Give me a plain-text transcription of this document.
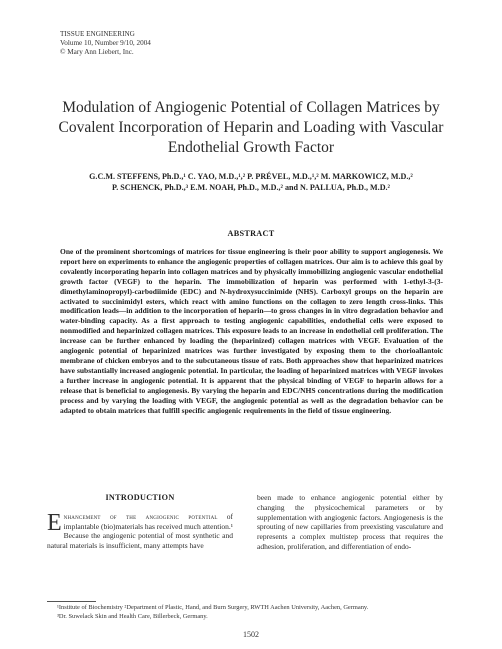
TISSUE ENGINEERING
Volume 10, Number 9/10, 2004
© Mary Ann Liebert, Inc.
Modulation of Angiogenic Potential of Collagen Matrices by
Covalent Incorporation of Heparin and Loading with Vascular
Endothelial Growth Factor
G.C.M. STEFFENS, Ph.D.,¹ C. YAO, M.D.,¹,² P. PRÉVEL, M.D.,¹,² M. MARKOWICZ, M.D.,²
P. SCHENCK, Ph.D.,³ E.M. NOAH, Ph.D., M.D.,² and N. PALLUA, Ph.D., M.D.²
ABSTRACT
One of the prominent shortcomings of matrices for tissue engineering is their poor ability to support angiogenesis. We report here on experiments to enhance the angiogenic properties of collagen matrices. Our aim is to achieve this goal by covalently incorporating heparin into collagen matrices and by physically immobilizing angiogenic vascular endothelial growth factor (VEGF) to the heparin. The immobilization of heparin was performed with 1-ethyl-3-(3-dimethylaminopropyl)-carbodiimide (EDC) and N-hydroxysuccinimide (NHS). Carboxyl groups on the heparin are activated to succinimidyl esters, which react with amino functions on the collagen to zero length cross-links. This modification leads—in addition to the incorporation of heparin—to gross changes in in vitro degradation behavior and water-binding capacity. As a first approach to testing angiogenic capabilities, endothelial cells were exposed to nonmodified and heparinized collagen matrices. This exposure leads to an increase in endothelial cell proliferation. The increase can be further enhanced by loading the (heparinized) collagen matrices with VEGF. Evaluation of the angiogenic potential of heparinized matrices was further investigated by exposing them to the chorioallantoic membrane of chicken embryos and to the subcutaneous tissue of rats. Both approaches show that heparinized matrices have substantially increased angiogenic potential. In particular, the loading of heparinized matrices with VEGF invokes a further increase in angiogenic potential. It is apparent that the physical binding of VEGF to heparin allows for a release that is beneficial to angiogenesis. By varying the heparin and EDC/NHS concentrations during the modification process and by varying the loading with VEGF, the angiogenic potential as well as the degradation behavior can be adapted to obtain matrices that fulfill specific angiogenic requirements in the field of tissue engineering.
INTRODUCTION
Enhancement of the angiogenic potential of implantable (bio)materials has received much attention.¹ Because the angiogenic potential of most synthetic and natural materials is insufficient, many attempts have
been made to enhance angiogenic potential either by changing the physicochemical parameters or by supplementation with angiogenic factors. Angiogenesis is the sprouting of new capillaries from preexisting vasculature and represents a complex multistep process that requires the adhesion, proliferation, and differentiation of endo-
¹Institute of Biochemistry ²Department of Plastic, Hand, and Burn Surgery, RWTH Aachen University, Aachen, Germany.
³Dr. Suwelack Skin and Health Care, Billerbeck, Germany.
1502
